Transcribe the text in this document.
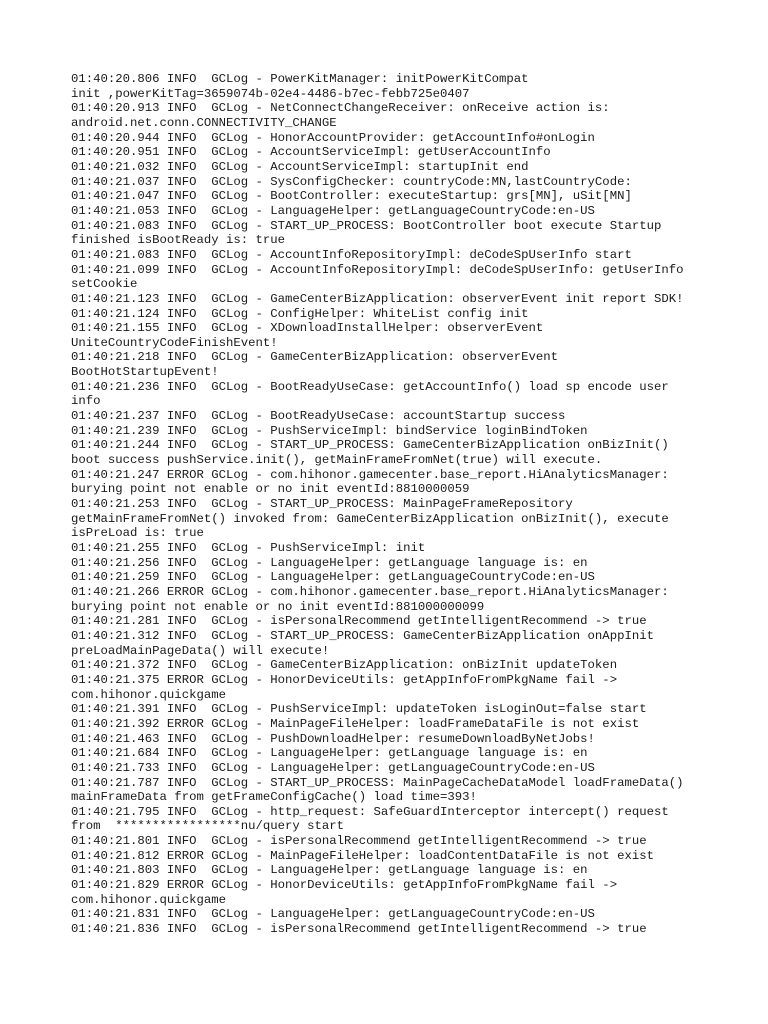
01:40:20.806 INFO  GCLog - PowerKitManager: initPowerKitCompat
init ,powerKitTag=3659074b-02e4-4486-b7ec-febb725e0407
01:40:20.913 INFO  GCLog - NetConnectChangeReceiver: onReceive action is:
android.net.conn.CONNECTIVITY_CHANGE
01:40:20.944 INFO  GCLog - HonorAccountProvider: getAccountInfo#onLogin
01:40:20.951 INFO  GCLog - AccountServiceImpl: getUserAccountInfo
01:40:21.032 INFO  GCLog - AccountServiceImpl: startupInit end
01:40:21.037 INFO  GCLog - SysConfigChecker: countryCode:MN,lastCountryCode:
01:40:21.047 INFO  GCLog - BootController: executeStartup: grs[MN], uSit[MN]
01:40:21.053 INFO  GCLog - LanguageHelper: getLanguageCountryCode:en-US
01:40:21.083 INFO  GCLog - START_UP_PROCESS: BootController boot execute Startup
finished isBootReady is: true
01:40:21.083 INFO  GCLog - AccountInfoRepositoryImpl: deCodeSpUserInfo start
01:40:21.099 INFO  GCLog - AccountInfoRepositoryImpl: deCodeSpUserInfo: getUserInfo
setCookie
01:40:21.123 INFO  GCLog - GameCenterBizApplication: observerEvent init report SDK!
01:40:21.124 INFO  GCLog - ConfigHelper: WhiteList config init
01:40:21.155 INFO  GCLog - XDownloadInstallHelper: observerEvent
UniteCountryCodeFinishEvent!
01:40:21.218 INFO  GCLog - GameCenterBizApplication: observerEvent
BootHotStartupEvent!
01:40:21.236 INFO  GCLog - BootReadyUseCase: getAccountInfo() load sp encode user
info
01:40:21.237 INFO  GCLog - BootReadyUseCase: accountStartup success
01:40:21.239 INFO  GCLog - PushServiceImpl: bindService loginBindToken
01:40:21.244 INFO  GCLog - START_UP_PROCESS: GameCenterBizApplication onBizInit()
boot success pushService.init(), getMainFrameFromNet(true) will execute.
01:40:21.247 ERROR GCLog - com.hihonor.gamecenter.base_report.HiAnalyticsManager:
burying point not enable or no init eventId:8810000059
01:40:21.253 INFO  GCLog - START_UP_PROCESS: MainPageFrameRepository
getMainFrameFromNet() invoked from: GameCenterBizApplication onBizInit(), execute
isPreLoad is: true
01:40:21.255 INFO  GCLog - PushServiceImpl: init
01:40:21.256 INFO  GCLog - LanguageHelper: getLanguage language is: en
01:40:21.259 INFO  GCLog - LanguageHelper: getLanguageCountryCode:en-US
01:40:21.266 ERROR GCLog - com.hihonor.gamecenter.base_report.HiAnalyticsManager:
burying point not enable or no init eventId:881000000099
01:40:21.281 INFO  GCLog - isPersonalRecommend getIntelligentRecommend -> true
01:40:21.312 INFO  GCLog - START_UP_PROCESS: GameCenterBizApplication onAppInit
preLoadMainPageData() will execute!
01:40:21.372 INFO  GCLog - GameCenterBizApplication: onBizInit updateToken
01:40:21.375 ERROR GCLog - HonorDeviceUtils: getAppInfoFromPkgName fail ->
com.hihonor.quickgame
01:40:21.391 INFO  GCLog - PushServiceImpl: updateToken isLoginOut=false start
01:40:21.392 ERROR GCLog - MainPageFileHelper: loadFrameDataFile is not exist
01:40:21.463 INFO  GCLog - PushDownloadHelper: resumeDownloadByNetJobs!
01:40:21.684 INFO  GCLog - LanguageHelper: getLanguage language is: en
01:40:21.733 INFO  GCLog - LanguageHelper: getLanguageCountryCode:en-US
01:40:21.787 INFO  GCLog - START_UP_PROCESS: MainPageCacheDataModel loadFrameData()
mainFrameData from getFrameConfigCache() load time=393!
01:40:21.795 INFO  GCLog - http_request: SafeGuardInterceptor intercept() request
from  *****************nu/query start
01:40:21.801 INFO  GCLog - isPersonalRecommend getIntelligentRecommend -> true
01:40:21.812 ERROR GCLog - MainPageFileHelper: loadContentDataFile is not exist
01:40:21.803 INFO  GCLog - LanguageHelper: getLanguage language is: en
01:40:21.829 ERROR GCLog - HonorDeviceUtils: getAppInfoFromPkgName fail ->
com.hihonor.quickgame
01:40:21.831 INFO  GCLog - LanguageHelper: getLanguageCountryCode:en-US
01:40:21.836 INFO  GCLog - isPersonalRecommend getIntelligentRecommend -> true
